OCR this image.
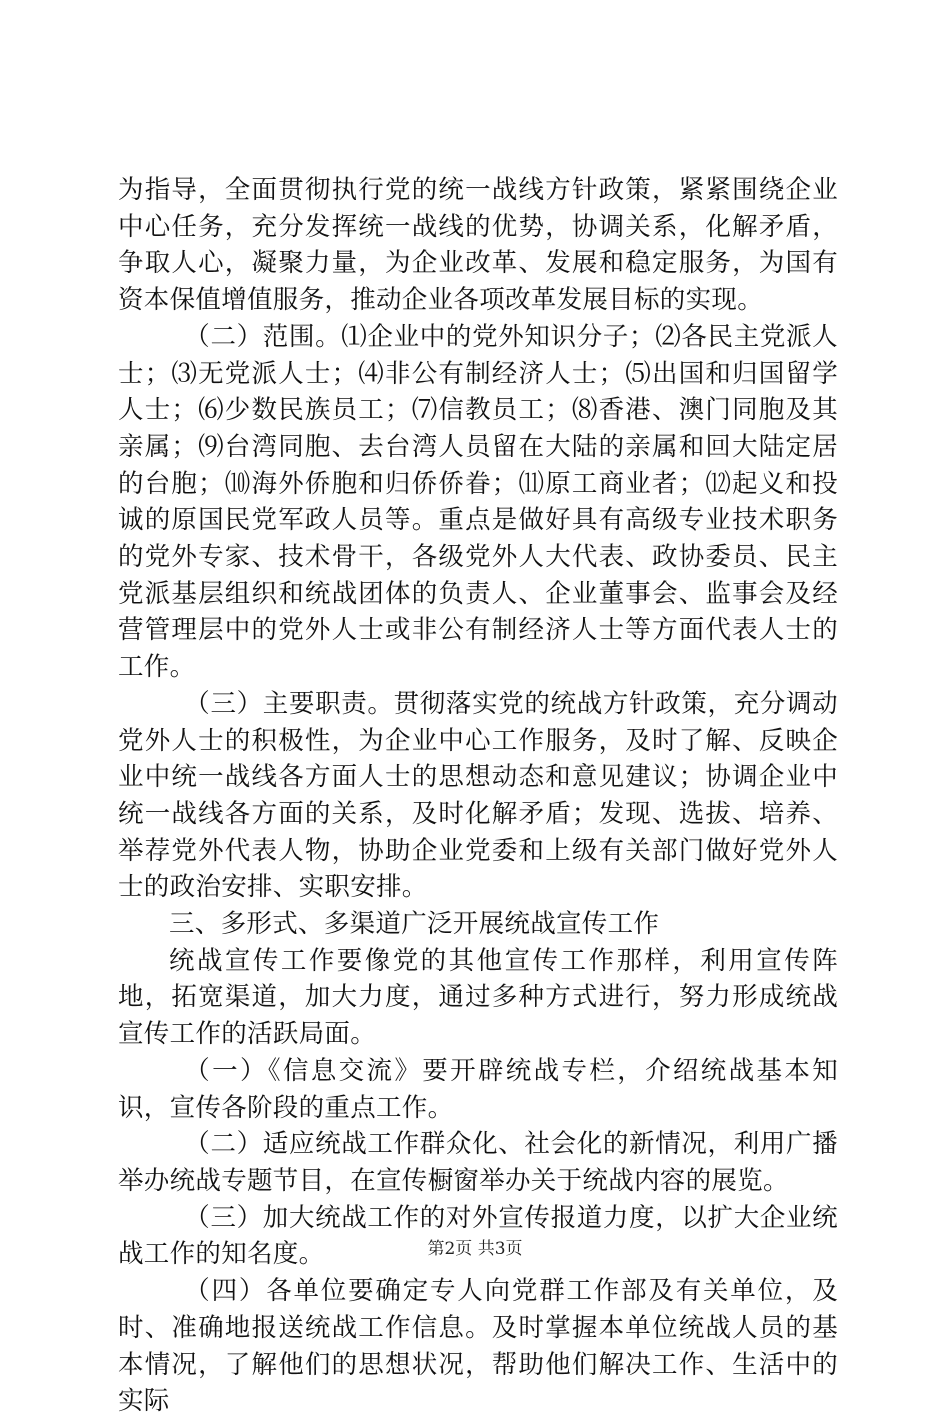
为指导，全面贯彻执行党的统一战线方针政策，紧紧围绕企业中心任务，充分发挥统一战线的优势，协调关系，化解矛盾，争取人心，凝聚力量，为企业改革、发展和稳定服务，为国有资本保值增值服务，推动企业各项改革发展目标的实现。

（二）范围。⑴企业中的党外知识分子；⑵各民主党派人士；⑶无党派人士；⑷非公有制经济人士；⑸出国和归国留学人士；⑹少数民族员工；⑺信教员工；⑻香港、澳门同胞及其亲属；⑼台湾同胞、去台湾人员留在大陆的亲属和回大陆定居的台胞；⑽海外侨胞和归侨侨眷；⑾原工商业者；⑿起义和投诚的原国民党军政人员等。重点是做好具有高级专业技术职务的党外专家、技术骨干，各级党外人大代表、政协委员、民主党派基层组织和统战团体的负责人、企业董事会、监事会及经营管理层中的党外人士或非公有制经济人士等方面代表人士的工作。

（三）主要职责。贯彻落实党的统战方针政策，充分调动党外人士的积极性，为企业中心工作服务，及时了解、反映企业中统一战线各方面人士的思想动态和意见建议；协调企业中统一战线各方面的关系，及时化解矛盾；发现、选拔、培养、举荐党外代表人物，协助企业党委和上级有关部门做好党外人士的政治安排、实职安排。

三、多形式、多渠道广泛开展统战宣传工作

统战宣传工作要像党的其他宣传工作那样，利用宣传阵地，拓宽渠道，加大力度，通过多种方式进行，努力形成统战宣传工作的活跃局面。

（一）《信息交流》要开辟统战专栏，介绍统战基本知识，宣传各阶段的重点工作。

（二）适应统战工作群众化、社会化的新情况，利用广播举办统战专题节目，在宣传橱窗举办关于统战内容的展览。

（三）加大统战工作的对外宣传报道力度，以扩大企业统战工作的知名度。

（四）各单位要确定专人向党群工作部及有关单位，及时、准确地报送统战工作信息。及时掌握本单位统战人员的基本情况，了解他们的思想状况，帮助他们解决工作、生活中的实际

第2页 共3页
